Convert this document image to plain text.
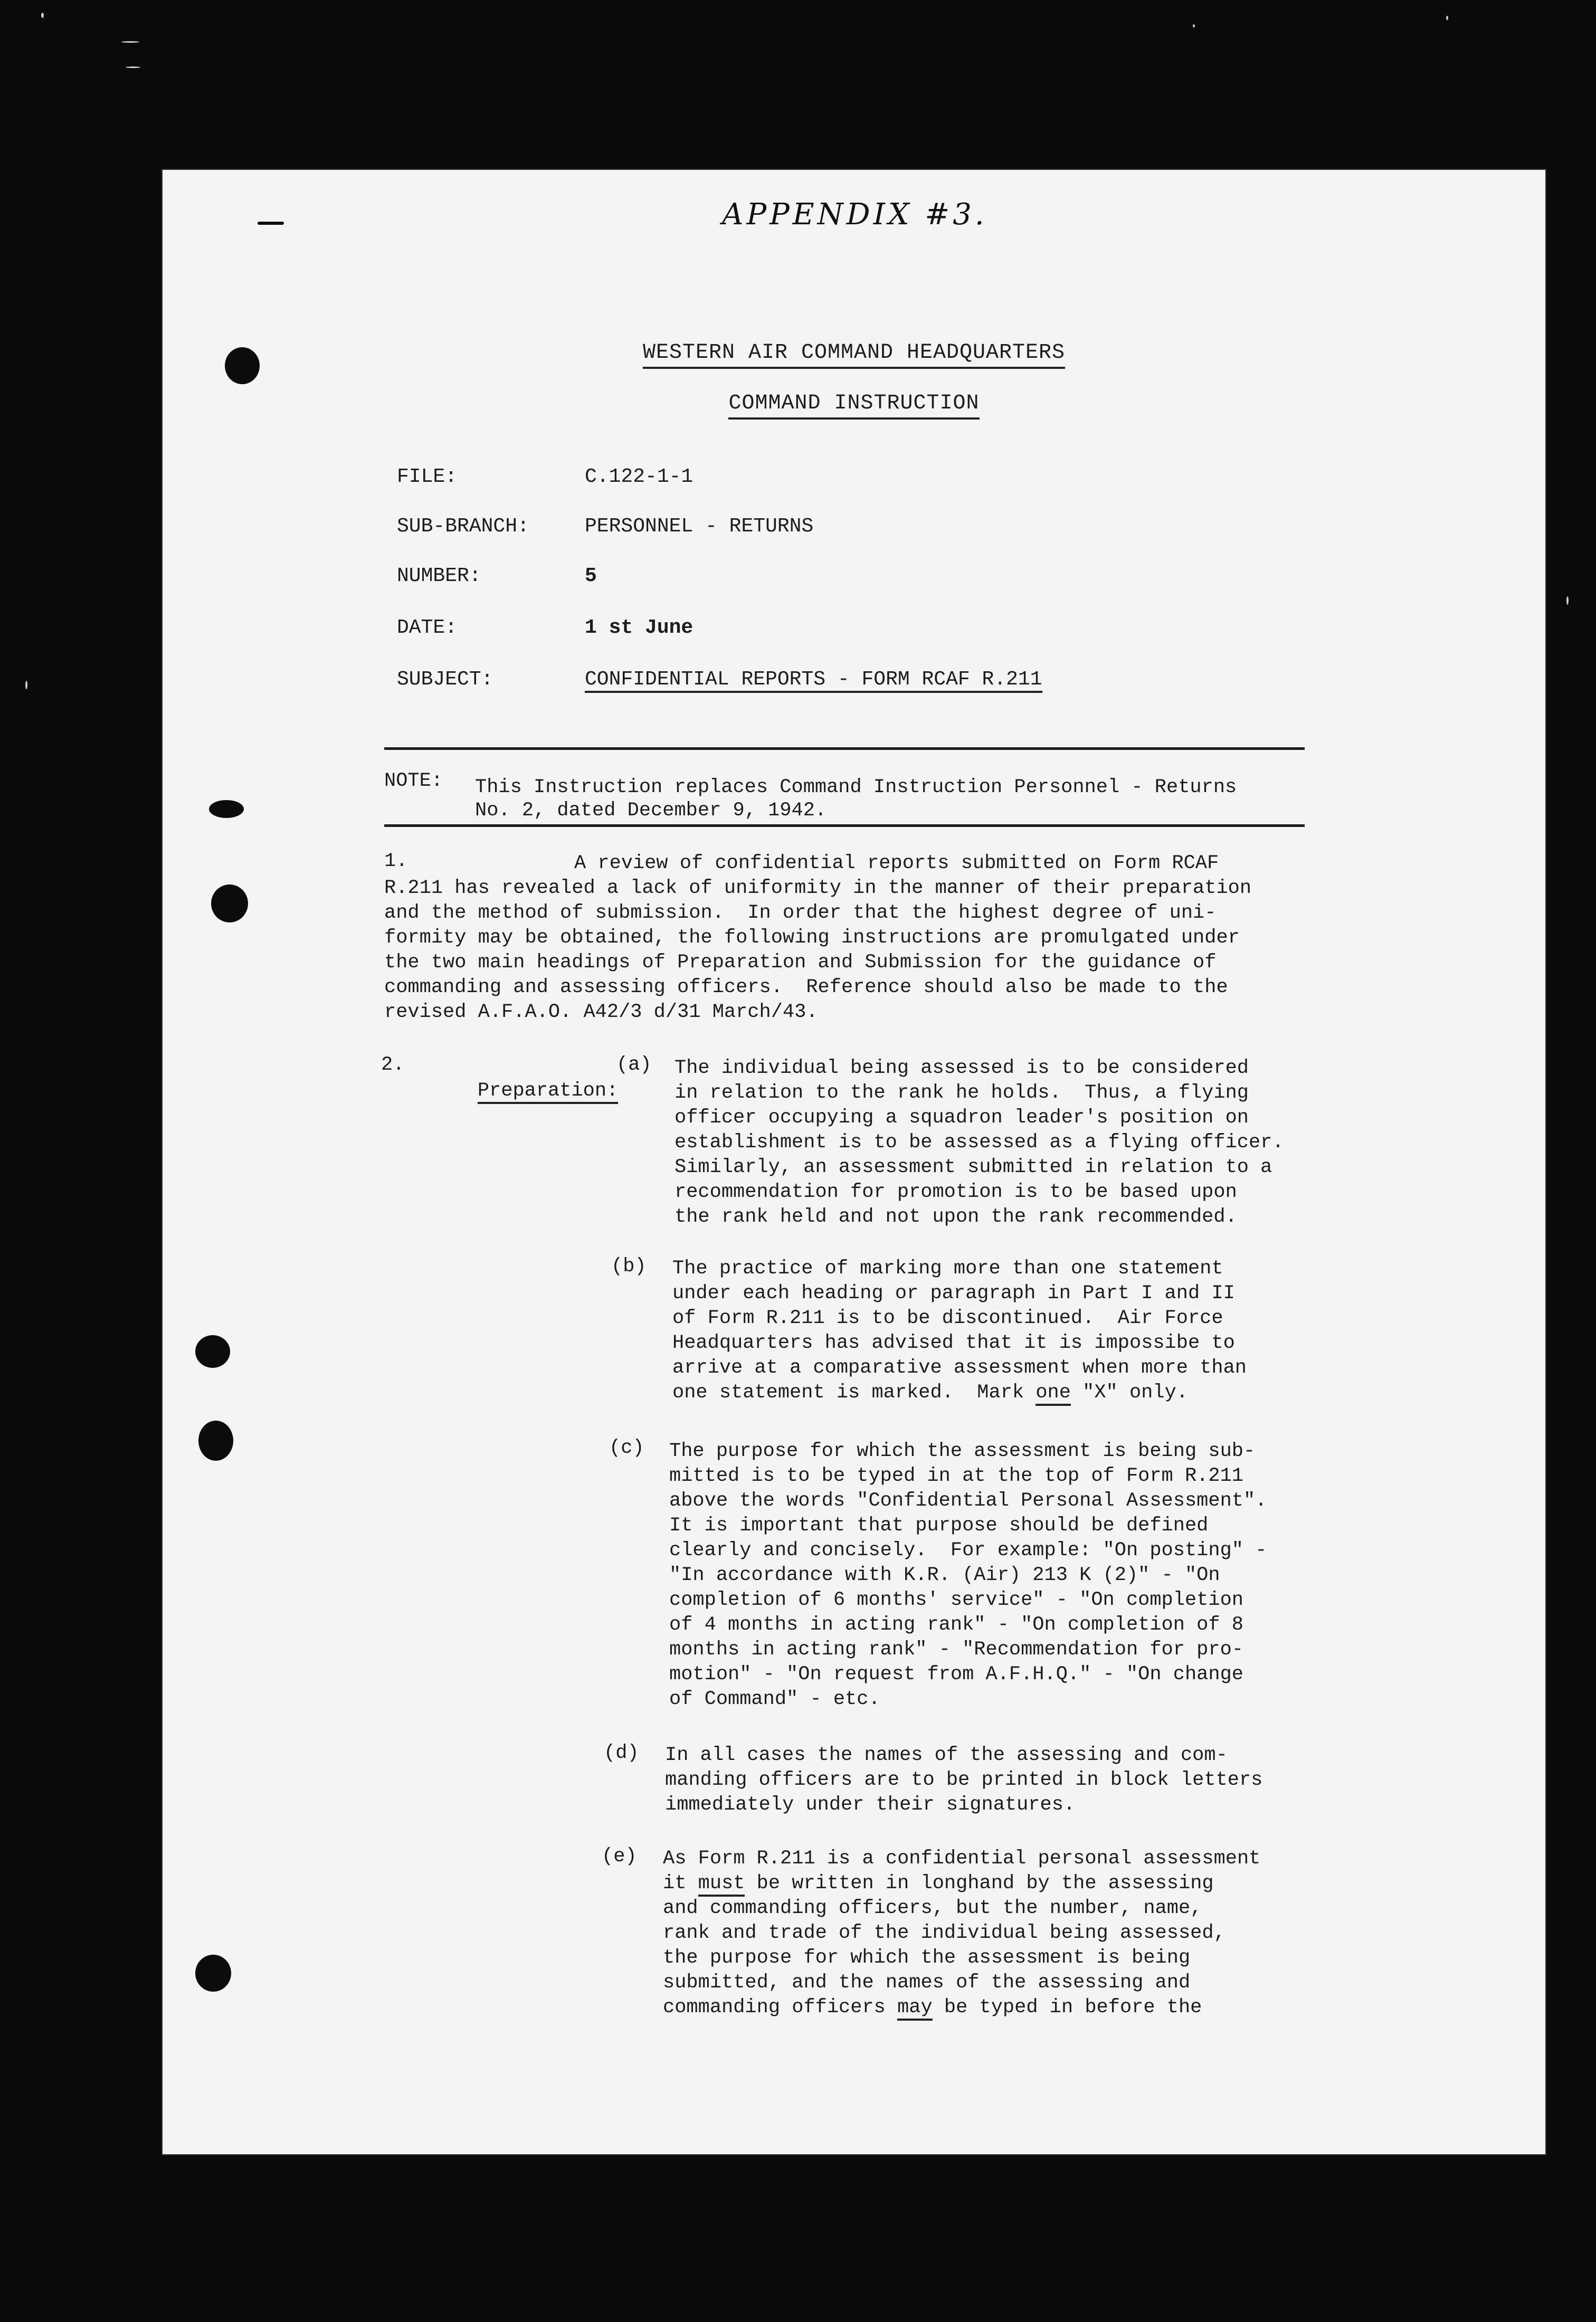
APPENDIX #3.
WESTERN AIR COMMAND HEADQUARTERS
COMMAND INSTRUCTION
FILE:	C.122-1-1
SUB-BRANCH:	PERSONNEL - RETURNS
NUMBER:	5
DATE:	1 st June
SUBJECT:	CONFIDENTIAL REPORTS - FORM RCAF R.211
NOTE: This Instruction replaces Command Instruction Personnel - Returns
No. 2, dated December 9, 1942.
1.	A review of confidential reports submitted on Form RCAF
R.211 has revealed a lack of uniformity in the manner of their preparation
and the method of submission.  In order that the highest degree of uni-
formity may be obtained, the following instructions are promulgated under
the two main headings of Preparation and Submission for the guidance of
commanding and assessing officers.  Reference should also be made to the
revised A.F.A.O. A42/3 d/31 March/43.
2.

Preparation:

(a) The individual being assessed is to be considered
in relation to the rank he holds.  Thus, a flying
officer occupying a squadron leader's position on
establishment is to be assessed as a flying officer.
Similarly, an assessment submitted in relation to a
recommendation for promotion is to be based upon
the rank held and not upon the rank recommended.
(b) The practice of marking more than one statement
under each heading or paragraph in Part I and II
of Form R.211 is to be discontinued.  Air Force
Headquarters has advised that it is impossibe to
arrive at a comparative assessment when more than
one statement is marked.  Mark one "X" only.
(c) The purpose for which the assessment is being sub-
mitted is to be typed in at the top of Form R.211
above the words "Confidential Personal Assessment".
It is important that purpose should be defined
clearly and concisely.  For example: "On posting" -
"In accordance with K.R. (Air) 213 K (2)" - "On
completion of 6 months' service" - "On completion
of 4 months in acting rank" - "On completion of 8
months in acting rank" - "Recommendation for pro-
motion" - "On request from A.F.H.Q." - "On change
of Command" - etc.
(d) In all cases the names of the assessing and com-
manding officers are to be printed in block letters
immediately under their signatures.
(e) As Form R.211 is a confidential personal assessment
it must be written in longhand by the assessing
and commanding officers, but the number, name,
rank and trade of the individual being assessed,
the purpose for which the assessment is being
submitted, and the names of the assessing and
commanding officers may be typed in before the
